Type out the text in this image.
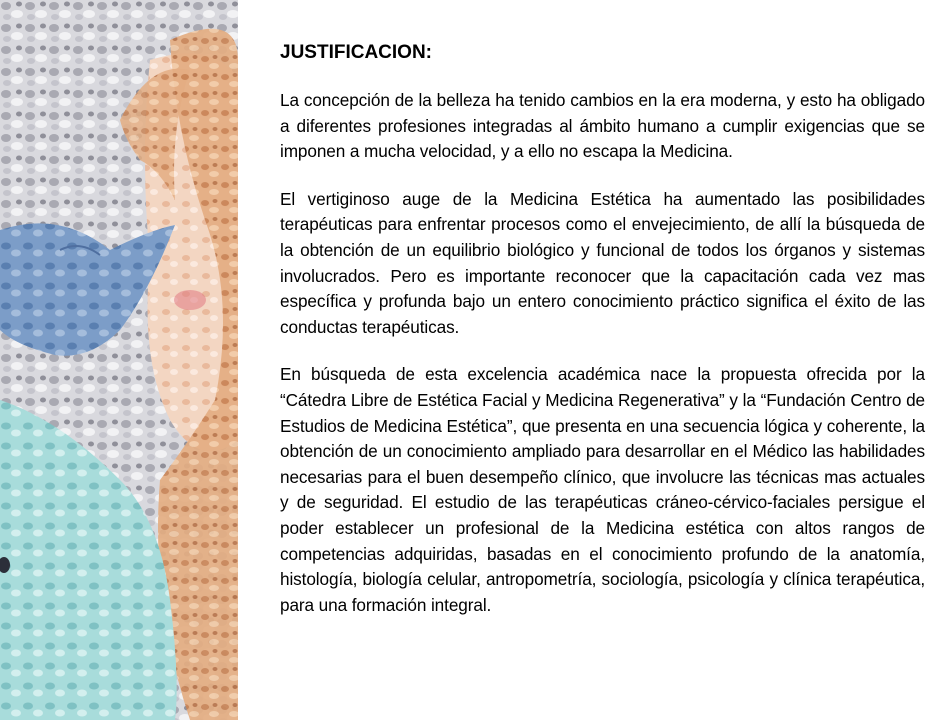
JUSTIFICACION:

La concepción de la belleza ha tenido cambios en la era moderna, y esto ha obligado a diferentes profesiones integradas al ámbito humano a cumplir exigencias que se imponen a mucha velocidad, y a ello no escapa la Medicina.

El vertiginoso auge de la Medicina Estética ha aumentado las posibilidades terapéuticas para enfrentar procesos como el envejecimiento, de allí la búsqueda de la obtención de un equilibrio biológico y funcional de todos los órganos y sistemas involucrados. Pero es importante reconocer que la capacitación cada vez mas específica y profunda bajo un entero conocimiento práctico significa el éxito de las conductas terapéuticas.

En búsqueda de esta excelencia académica nace la propuesta ofrecida por la “Cátedra Libre de Estética Facial y Medicina Regenerativa” y la “Fundación Centro de Estudios de Medicina Estética”, que presenta en una secuencia lógica y coherente, la obtención de un conocimiento ampliado para desarrollar en el Médico las habilidades necesarias para el buen desempeño clínico, que involucre las técnicas mas actuales y de seguridad. El estudio de las terapéuticas cráneo-cérvico-faciales persigue el poder establecer un profesional de la Medicina estética con altos rangos de competencias adquiridas, basadas en el conocimiento profundo de la anatomía, histología, biología celular, antropometría, sociología, psicología y clínica terapéutica, para una formación integral.
